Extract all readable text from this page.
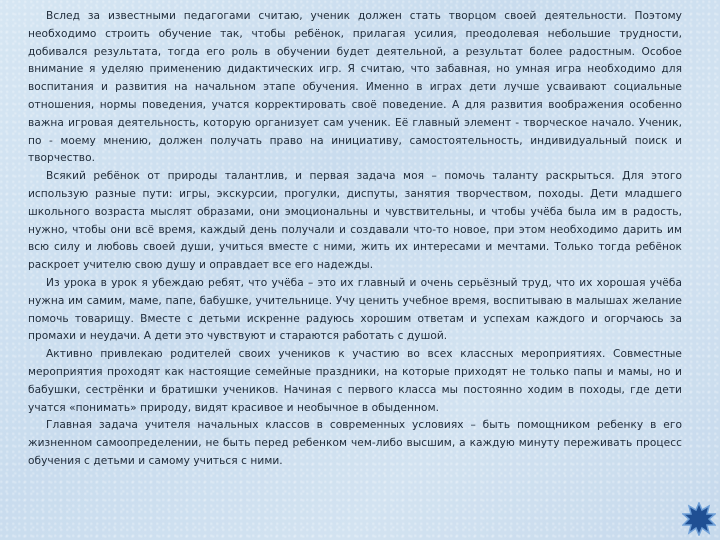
Вслед за известными педагогами считаю, ученик должен стать творцом своей деятельности. Поэтому необходимо строить обучение так, чтобы ребёнок, прилагая усилия, преодолевая небольшие трудности, добивался результата, тогда его роль в обучении будет деятельной, а результат более радостным. Особое внимание я уделяю применению дидактических игр. Я считаю, что забавная, но умная игра необходимо для воспитания и развития на начальном этапе обучения. Именно в играх дети лучше усваивают социальные отношения, нормы поведения, учатся корректировать своё поведение. А для развития воображения особенно важна игровая деятельность, которую организует сам ученик. Её главный элемент - творческое начало. Ученик, по - моему мнению, должен получать право на инициативу, самостоятельность, индивидуальный поиск и творчество.

Всякий ребёнок от природы талантлив, и первая задача моя – помочь таланту раскрыться. Для этого использую разные пути: игры, экскурсии, прогулки, диспуты, занятия творчеством, походы. Дети младшего школьного возраста мыслят образами, они эмоциональны и чувствительны, и чтобы учёба была им в радость, нужно, чтобы они всё время, каждый день получали и создавали что-то новое, при этом необходимо дарить им всю силу и любовь своей души, учиться вместе с ними, жить их интересами и мечтами. Только тогда ребёнок раскроет учителю свою душу и оправдает все его надежды.

Из урока в урок я убеждаю ребят, что учёба – это их главный и очень серьёзный труд, что их хорошая учёба нужна им самим, маме, папе, бабушке, учительнице. Учу ценить учебное время, воспитываю в малышах желание помочь товарищу. Вместе с детьми искренне радуюсь хорошим ответам и успехам каждого и огорчаюсь за промахи и неудачи. А дети это чувствуют и стараются работать с душой.

Активно привлекаю родителей своих учеников к участию во всех классных мероприятиях. Совместные мероприятия проходят как настоящие семейные праздники, на которые приходят не только папы и мамы, но и бабушки, сестрёнки и братишки учеников. Начиная с первого класса мы постоянно ходим в походы, где дети учатся «понимать» природу, видят красивое и необычное в обыденном.

Главная задача учителя начальных классов в современных условиях – быть помощником ребенку в его жизненном самоопределении, не быть перед ребенком чем-либо высшим, а каждую минуту переживать процесс обучения с детьми и самому учиться с ними.
